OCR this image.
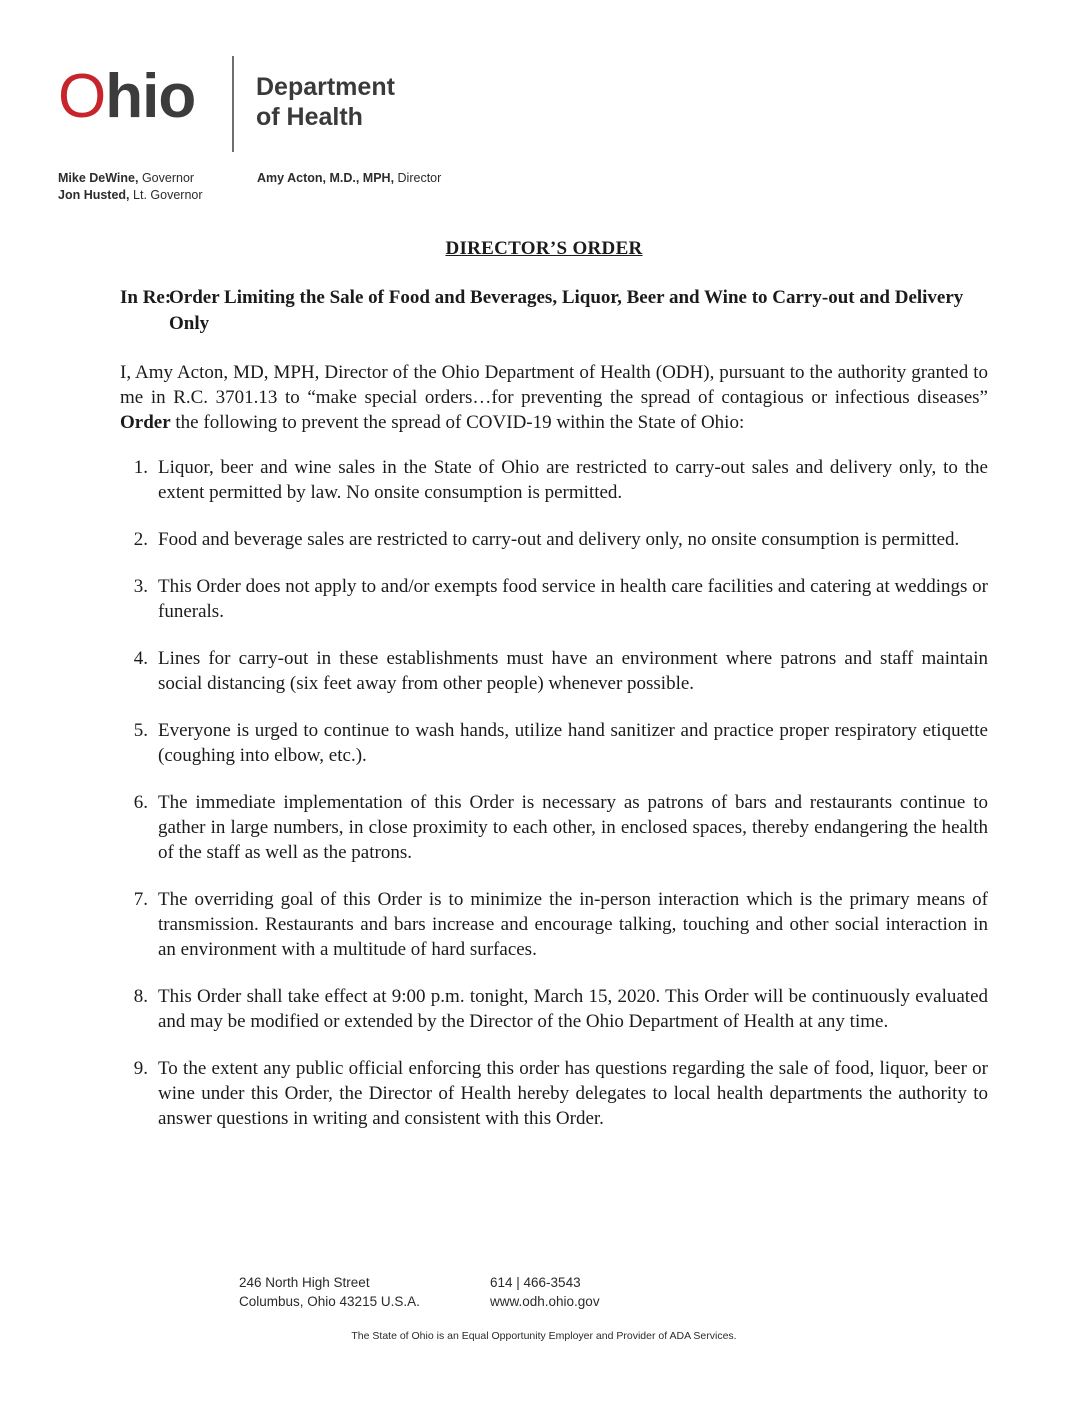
Ohio Department
of Health
Mike DeWine, Governor
Jon Husted, Lt. Governor
Amy Acton, M.D., MPH, Director
DIRECTOR’S ORDER
In Re:
Order Limiting the Sale of Food and Beverages, Liquor, Beer and Wine to Carry-out and Delivery Only

I, Amy Acton, MD, MPH, Director of the Ohio Department of Health (ODH), pursuant to the authority granted to me in R.C. 3701.13 to “make special orders…for preventing the spread of contagious or infectious diseases” Order the following to prevent the spread of COVID-19 within the State of Ohio:

1. Liquor, beer and wine sales in the State of Ohio are restricted to carry-out sales and delivery only, to the extent permitted by law. No onsite consumption is permitted.
2. Food and beverage sales are restricted to carry-out and delivery only, no onsite consumption is permitted.
3. This Order does not apply to and/or exempts food service in health care facilities and catering at weddings or funerals.
4. Lines for carry-out in these establishments must have an environment where patrons and staff maintain social distancing (six feet away from other people) whenever possible.
5. Everyone is urged to continue to wash hands, utilize hand sanitizer and practice proper respiratory etiquette (coughing into elbow, etc.).
6. The immediate implementation of this Order is necessary as patrons of bars and restaurants continue to gather in large numbers, in close proximity to each other, in enclosed spaces, thereby endangering the health of the staff as well as the patrons.
7. The overriding goal of this Order is to minimize the in-person interaction which is the primary means of transmission. Restaurants and bars increase and encourage talking, touching and other social interaction in an environment with a multitude of hard surfaces.
8. This Order shall take effect at 9:00 p.m. tonight, March 15, 2020. This Order will be continuously evaluated and may be modified or extended by the Director of the Ohio Department of Health at any time.
9. To the extent any public official enforcing this order has questions regarding the sale of food, liquor, beer or wine under this Order, the Director of Health hereby delegates to local health departments the authority to answer questions in writing and consistent with this Order.
246 North High Street
Columbus, Ohio 43215 U.S.A.
614 | 466-3543
www.odh.ohio.gov
The State of Ohio is an Equal Opportunity Employer and Provider of ADA Services.
